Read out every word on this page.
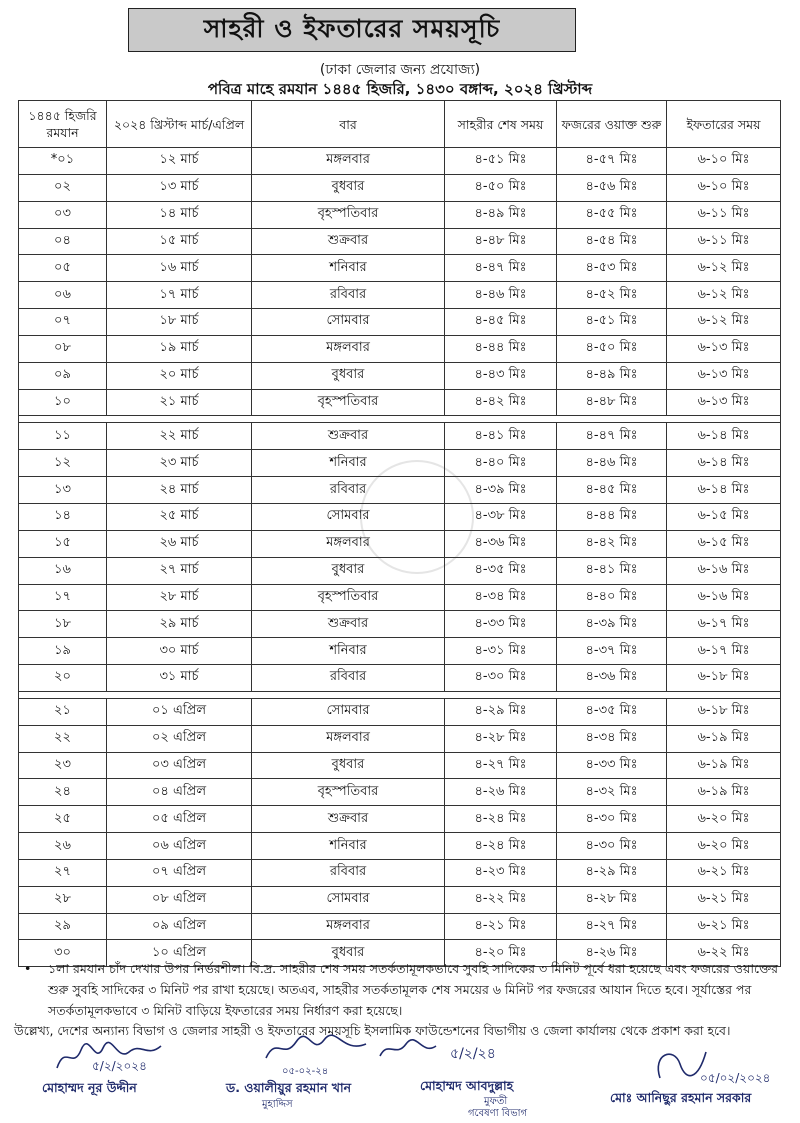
সাহরী ও ইফতারের সময়সূচি
(ঢাকা জেলার জন্য প্রযোজ্য)
পবিত্র মাহে রমযান ১৪৪৫ হিজরি, ১৪৩০ বঙ্গাব্দ, ২০২৪ খ্রিস্টাব্দ
১৪৪৫ হিজরি রমযান	২০২৪ খ্রিস্টাব্দ মার্চ/এপ্রিল	বার	সাহরীর শেষ সময়	ফজরের ওয়াক্ত শুরু	ইফতারের সময়
*০১	১২ মার্চ	মঙ্গলবার	৪-৫১ মিঃ	৪-৫৭ মিঃ	৬-১০ মিঃ
০২	১৩ মার্চ	বুধবার	৪-৫০ মিঃ	৪-৫৬ মিঃ	৬-১০ মিঃ
০৩	১৪ মার্চ	বৃহস্পতিবার	৪-৪৯ মিঃ	৪-৫৫ মিঃ	৬-১১ মিঃ
০৪	১৫ মার্চ	শুক্রবার	৪-৪৮ মিঃ	৪-৫৪ মিঃ	৬-১১ মিঃ
০৫	১৬ মার্চ	শনিবার	৪-৪৭ মিঃ	৪-৫৩ মিঃ	৬-১২ মিঃ
০৬	১৭ মার্চ	রবিবার	৪-৪৬ মিঃ	৪-৫২ মিঃ	৬-১২ মিঃ
০৭	১৮ মার্চ	সোমবার	৪-৪৫ মিঃ	৪-৫১ মিঃ	৬-১২ মিঃ
০৮	১৯ মার্চ	মঙ্গলবার	৪-৪৪ মিঃ	৪-৫০ মিঃ	৬-১৩ মিঃ
০৯	২০ মার্চ	বুধবার	৪-৪৩ মিঃ	৪-৪৯ মিঃ	৬-১৩ মিঃ
১০	২১ মার্চ	বৃহস্পতিবার	৪-৪২ মিঃ	৪-৪৮ মিঃ	৬-১৩ মিঃ

১১	২২ মার্চ	শুক্রবার	৪-৪১ মিঃ	৪-৪৭ মিঃ	৬-১৪ মিঃ
১২	২৩ মার্চ	শনিবার	৪-৪০ মিঃ	৪-৪৬ মিঃ	৬-১৪ মিঃ
১৩	২৪ মার্চ	রবিবার	৪-৩৯ মিঃ	৪-৪৫ মিঃ	৬-১৪ মিঃ
১৪	২৫ মার্চ	সোমবার	৪-৩৮ মিঃ	৪-৪৪ মিঃ	৬-১৫ মিঃ
১৫	২৬ মার্চ	মঙ্গলবার	৪-৩৬ মিঃ	৪-৪২ মিঃ	৬-১৫ মিঃ
১৬	২৭ মার্চ	বুধবার	৪-৩৫ মিঃ	৪-৪১ মিঃ	৬-১৬ মিঃ
১৭	২৮ মার্চ	বৃহস্পতিবার	৪-৩৪ মিঃ	৪-৪০ মিঃ	৬-১৬ মিঃ
১৮	২৯ মার্চ	শুক্রবার	৪-৩৩ মিঃ	৪-৩৯ মিঃ	৬-১৭ মিঃ
১৯	৩০ মার্চ	শনিবার	৪-৩১ মিঃ	৪-৩৭ মিঃ	৬-১৭ মিঃ
২০	৩১ মার্চ	রবিবার	৪-৩০ মিঃ	৪-৩৬ মিঃ	৬-১৮ মিঃ

২১	০১ এপ্রিল	সোমবার	৪-২৯ মিঃ	৪-৩৫ মিঃ	৬-১৮ মিঃ
২২	০২ এপ্রিল	মঙ্গলবার	৪-২৮ মিঃ	৪-৩৪ মিঃ	৬-১৯ মিঃ
২৩	০৩ এপ্রিল	বুধবার	৪-২৭ মিঃ	৪-৩৩ মিঃ	৬-১৯ মিঃ
২৪	০৪ এপ্রিল	বৃহস্পতিবার	৪-২৬ মিঃ	৪-৩২ মিঃ	৬-১৯ মিঃ
২৫	০৫ এপ্রিল	শুক্রবার	৪-২৪ মিঃ	৪-৩০ মিঃ	৬-২০ মিঃ
২৬	০৬ এপ্রিল	শনিবার	৪-২৪ মিঃ	৪-৩০ মিঃ	৬-২০ মিঃ
২৭	০৭ এপ্রিল	রবিবার	৪-২৩ মিঃ	৪-২৯ মিঃ	৬-২১ মিঃ
২৮	০৮ এপ্রিল	সোমবার	৪-২২ মিঃ	৪-২৮ মিঃ	৬-২১ মিঃ
২৯	০৯ এপ্রিল	মঙ্গলবার	৪-২১ মিঃ	৪-২৭ মিঃ	৬-২১ মিঃ
৩০	১০ এপ্রিল	বুধবার	৪-২০ মিঃ	৪-২৬ মিঃ	৬-২২ মিঃ
• ১লা রমযান চাঁদ দেখার উপর নির্ভরশীল। বি.দ্র. সাহরীর শেষ সময় সতর্কতামূলকভাবে সুবহি সাদিকের ৩ মিনিট পূর্বে ধরা হয়েছে এবং ফজরের ওয়াক্তের শুরু সুবহি সাদিকের ৩ মিনিট পর রাখা হয়েছে। অতএব, সাহরীর সতর্কতামূলক শেষ সময়ের ৬ মিনিট পর ফজরের আযান দিতে হবে। সূর্যাস্তের পর সতর্কতামূলকভাবে ৩ মিনিট বাড়িয়ে ইফতারের সময় নির্ধারণ করা হয়েছে।
উল্লেখ্য, দেশের অন্যান্য বিভাগ ও জেলার সাহরী ও ইফতারের সময়সূচি ইসলামিক ফাউন্ডেশনের বিভাগীয় ও জেলা কার্যালয় থেকে প্রকাশ করা হবে।
৫/২/২০২৪
মোহাম্মদ নূর উদ্দীন
০৫-০২-২৪
ড. ওয়ালীয়ুর রহমান খান
মুহাদ্দিস
৫/২/২৪
মোহাম্মদ আবদুল্লাহ
মুফতী
গবেষণা বিভাগ
০৫/০২/২০২৪
মোঃ আনিছুর রহমান সরকার
